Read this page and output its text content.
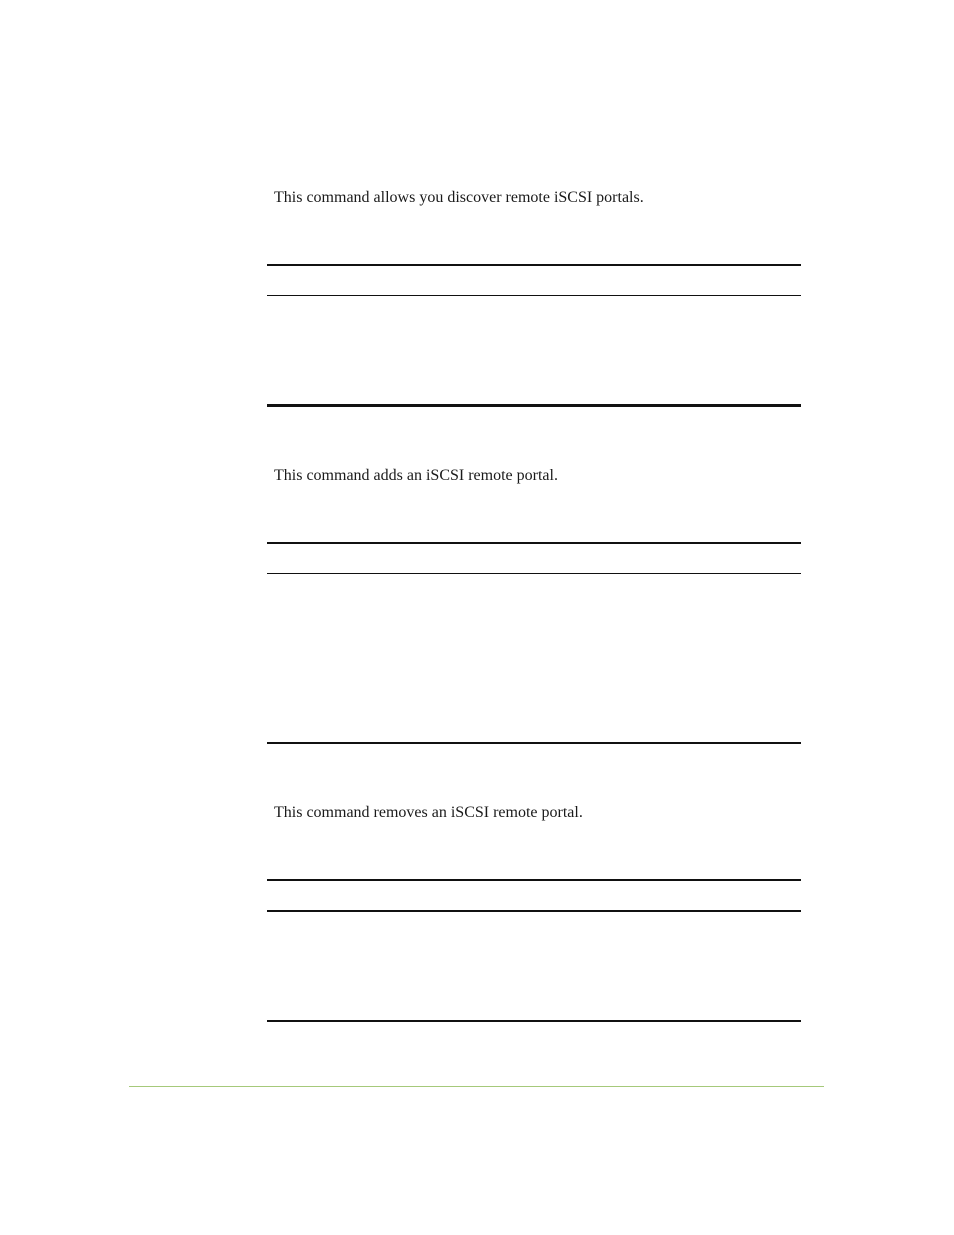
This command allows you discover remote iSCSI portals.
This command adds an iSCSI remote portal.
This command removes an iSCSI remote portal.
